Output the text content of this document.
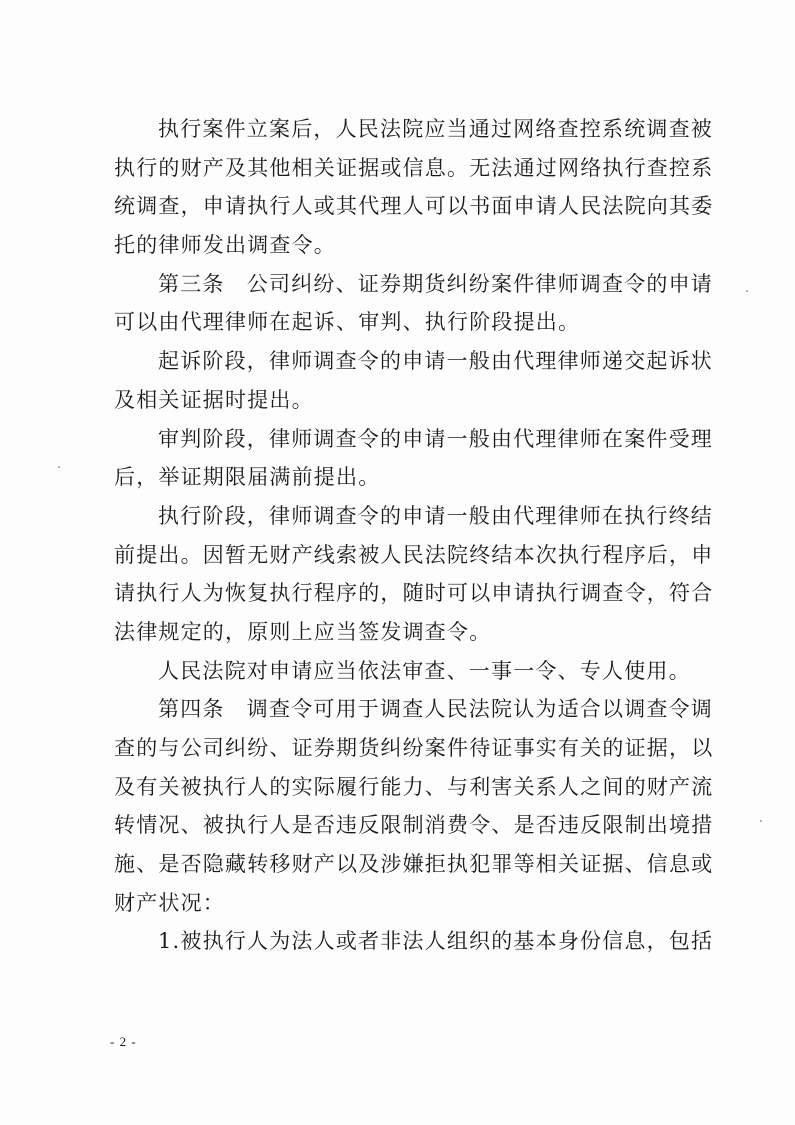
执行案件立案后，人民法院应当通过网络查控系统调查被
执行的财产及其他相关证据或信息。无法通过网络执行查控系
统调查，申请执行人或其代理人可以书面申请人民法院向其委
托的律师发出调查令。
第三条　公司纠纷、证券期货纠纷案件律师调查令的申请
可以由代理律师在起诉、审判、执行阶段提出。
起诉阶段，律师调查令的申请一般由代理律师递交起诉状
及相关证据时提出。
审判阶段，律师调查令的申请一般由代理律师在案件受理
后，举证期限届满前提出。
执行阶段，律师调查令的申请一般由代理律师在执行终结
前提出。因暂无财产线索被人民法院终结本次执行程序后，申
请执行人为恢复执行程序的，随时可以申请执行调查令，符合
法律规定的，原则上应当签发调查令。
人民法院对申请应当依法审查、一事一令、专人使用。
第四条　调查令可用于调查人民法院认为适合以调查令调
查的与公司纠纷、证券期货纠纷案件待证事实有关的证据，以
及有关被执行人的实际履行能力、与利害关系人之间的财产流
转情况、被执行人是否违反限制消费令、是否违反限制出境措
施、是否隐藏转移财产以及涉嫌拒执犯罪等相关证据、信息或
财产状况：
1.被执行人为法人或者非法人组织的基本身份信息，包括
- 2 -
